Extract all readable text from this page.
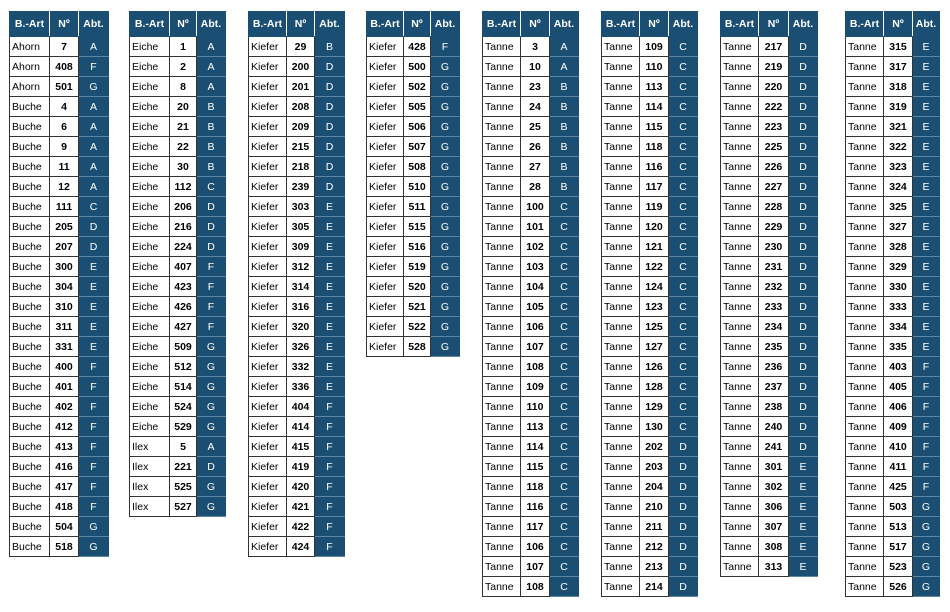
B.-Art	Nº	Abt.
Ahorn	7	A
Ahorn	408	F
Ahorn	501	G
Buche	4	A
Buche	6	A
Buche	9	A
Buche	11	A
Buche	12	A
Buche	111	C
Buche	205	D
Buche	207	D
Buche	300	E
Buche	304	E
Buche	310	E
Buche	311	E
Buche	331	E
Buche	400	F
Buche	401	F
Buche	402	F
Buche	412	F
Buche	413	F
Buche	416	F
Buche	417	F
Buche	418	F
Buche	504	G
Buche	518	G
B.-Art	Nº	Abt.
Eiche	1	A
Eiche	2	A
Eiche	8	A
Eiche	20	B
Eiche	21	B
Eiche	22	B
Eiche	30	B
Eiche	112	C
Eiche	206	D
Eiche	216	D
Eiche	224	D
Eiche	407	F
Eiche	423	F
Eiche	426	F
Eiche	427	F
Eiche	509	G
Eiche	512	G
Eiche	514	G
Eiche	524	G
Eiche	529	G
Ilex	5	A
Ilex	221	D
Ilex	525	G
Ilex	527	G
B.-Art	Nº	Abt.
Kiefer	29	B
Kiefer	200	D
Kiefer	201	D
Kiefer	208	D
Kiefer	209	D
Kiefer	215	D
Kiefer	218	D
Kiefer	239	D
Kiefer	303	E
Kiefer	305	E
Kiefer	309	E
Kiefer	312	E
Kiefer	314	E
Kiefer	316	E
Kiefer	320	E
Kiefer	326	E
Kiefer	332	E
Kiefer	336	E
Kiefer	404	F
Kiefer	414	F
Kiefer	415	F
Kiefer	419	F
Kiefer	420	F
Kiefer	421	F
Kiefer	422	F
Kiefer	424	F
B.-Art	Nº	Abt.
Kiefer	428	F
Kiefer	500	G
Kiefer	502	G
Kiefer	505	G
Kiefer	506	G
Kiefer	507	G
Kiefer	508	G
Kiefer	510	G
Kiefer	511	G
Kiefer	515	G
Kiefer	516	G
Kiefer	519	G
Kiefer	520	G
Kiefer	521	G
Kiefer	522	G
Kiefer	528	G
B.-Art	Nº	Abt.
Tanne	3	A
Tanne	10	A
Tanne	23	B
Tanne	24	B
Tanne	25	B
Tanne	26	B
Tanne	27	B
Tanne	28	B
Tanne	100	C
Tanne	101	C
Tanne	102	C
Tanne	103	C
Tanne	104	C
Tanne	105	C
Tanne	106	C
Tanne	107	C
Tanne	108	C
Tanne	109	C
Tanne	110	C
Tanne	113	C
Tanne	114	C
Tanne	115	C
Tanne	118	C
Tanne	116	C
Tanne	117	C
Tanne	106	C
Tanne	107	C
Tanne	108	C
B.-Art	Nº	Abt.
Tanne	109	C
Tanne	110	C
Tanne	113	C
Tanne	114	C
Tanne	115	C
Tanne	118	C
Tanne	116	C
Tanne	117	C
Tanne	119	C
Tanne	120	C
Tanne	121	C
Tanne	122	C
Tanne	124	C
Tanne	123	C
Tanne	125	C
Tanne	127	C
Tanne	126	C
Tanne	128	C
Tanne	129	C
Tanne	130	C
Tanne	202	D
Tanne	203	D
Tanne	204	D
Tanne	210	D
Tanne	211	D
Tanne	212	D
Tanne	213	D
Tanne	214	D
B.-Art	Nº	Abt.
Tanne	217	D
Tanne	219	D
Tanne	220	D
Tanne	222	D
Tanne	223	D
Tanne	225	D
Tanne	226	D
Tanne	227	D
Tanne	228	D
Tanne	229	D
Tanne	230	D
Tanne	231	D
Tanne	232	D
Tanne	233	D
Tanne	234	D
Tanne	235	D
Tanne	236	D
Tanne	237	D
Tanne	238	D
Tanne	240	D
Tanne	241	D
Tanne	301	E
Tanne	302	E
Tanne	306	E
Tanne	307	E
Tanne	308	E
Tanne	313	E
B.-Art	Nº	Abt.
Tanne	315	E
Tanne	317	E
Tanne	318	E
Tanne	319	E
Tanne	321	E
Tanne	322	E
Tanne	323	E
Tanne	324	E
Tanne	325	E
Tanne	327	E
Tanne	328	E
Tanne	329	E
Tanne	330	E
Tanne	333	E
Tanne	334	E
Tanne	335	E
Tanne	403	F
Tanne	405	F
Tanne	406	F
Tanne	409	F
Tanne	410	F
Tanne	411	F
Tanne	425	F
Tanne	503	G
Tanne	513	G
Tanne	517	G
Tanne	523	G
Tanne	526	G
